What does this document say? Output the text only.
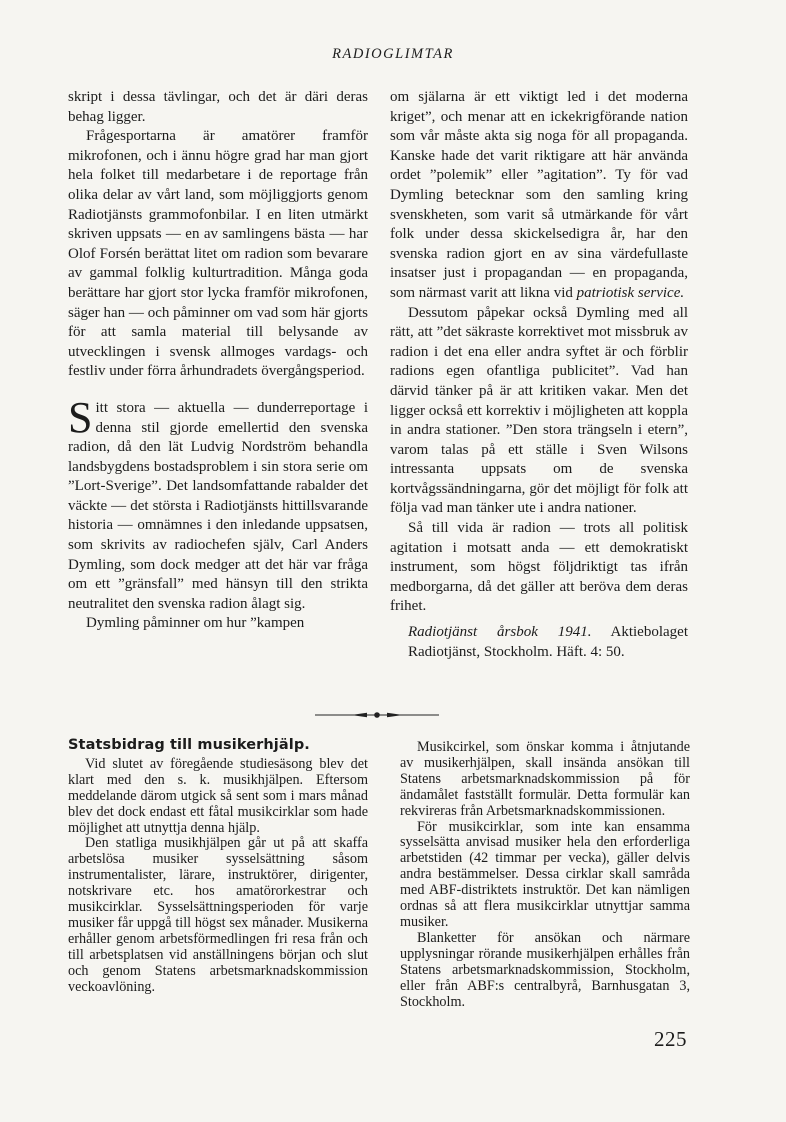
RADIOGLIMTAR

skript i dessa tävlingar, och det är däri deras behag ligger.

Frågesportarna är amatörer framför mikrofonen, och i ännu högre grad har man gjort hela folket till medarbetare i de reportage från olika delar av vårt land, som möjliggjorts genom Radiotjänsts grammofonbilar. I en liten utmärkt skriven uppsats — en av samlingens bästa — har Olof Forsén berättat litet om radion som bevarare av gammal folklig kulturtradition. Många goda berättare har gjort stor lycka framför mikrofonen, säger han — och påminner om vad som här gjorts för att samla material till belysande av utvecklingen i svensk allmoges vardags- och festliv under förra århundradets övergångsperiod.

Sitt stora — aktuella — dunderreportage i denna stil gjorde emellertid den svenska radion, då den lät Ludvig Nordström behandla landsbygdens bostadsproblem i sin stora serie om ”Lort-Sverige”. Det landsomfattande rabalder det väckte — det största i Radiotjänsts hittillsvarande historia — omnämnes i den inledande uppsatsen, som skrivits av radiochefen själv, Carl Anders Dymling, som dock medger att det här var fråga om ett ”gränsfall” med hänsyn till den strikta neutralitet den svenska radion ålagt sig.

Dymling påminner om hur ”kampen

om själarna är ett viktigt led i det moderna kriget”, och menar att en ickekrigförande nation som vår måste akta sig noga för all propaganda. Kanske hade det varit riktigare att här använda ordet ”polemik” eller ”agitation”. Ty för vad Dymling betecknar som den samling kring svenskheten, som varit så utmärkande för vårt folk under dessa skickelsedigra år, har den svenska radion gjort en av sina värdefullaste insatser just i propagandan — en propaganda, som närmast varit att likna vid patriotisk service.

Dessutom påpekar också Dymling med all rätt, att ”det säkraste korrektivet mot missbruk av radion i det ena eller andra syftet är och förblir radions egen ofantliga publicitet”. Vad han därvid tänker på är att kritiken vakar. Men det ligger också ett korrektiv i möjligheten att koppla in andra stationer. ”Den stora trängseln i etern”, varom talas på ett ställe i Sven Wilsons intressanta uppsats om de svenska kortvågssändningarna, gör det möjligt för folk att följa vad man tänker ute i andra nationer.

Så till vida är radion — trots all politisk agitation i motsatt anda — ett demokratiskt instrument, som högst följdriktigt tas ifrån medborgarna, då det gäller att beröva dem deras frihet.

Radiotjänst årsbok 1941. Aktiebolaget Radiotjänst, Stockholm. Häft. 4: 50.

Statsbidrag till musikerhjälp.

Vid slutet av föregående studiesäsong blev det klart med den s. k. musikhjälpen. Eftersom meddelande därom utgick så sent som i mars månad blev det dock endast ett fåtal musikcirklar som hade möjlighet att utnyttja denna hjälp.

Den statliga musikhjälpen går ut på att skaffa arbetslösa musiker sysselsättning såsom instrumentalister, lärare, instruktörer, dirigenter, notskrivare etc. hos amatörorkestrar och musikcirklar. Sysselsättningsperioden för varje musiker får uppgå till högst sex månader. Musikerna erhåller genom arbetsförmedlingen fri resa från och till arbetsplatsen vid anställningens början och slut och genom Statens arbetsmarknadskommission veckoavlöning.

Musikcirkel, som önskar komma i åtnjutande av musikerhjälpen, skall insända ansökan till Statens arbetsmarknadskommission på för ändamålet fastställt formulär. Detta formulär kan rekvireras från Arbetsmarknadskommissionen.

För musikcirklar, som inte kan ensamma sysselsätta anvisad musiker hela den erforderliga arbetstiden (42 timmar per vecka), gäller delvis andra bestämmelser. Dessa cirklar skall samråda med ABF-distriktets instruktör. Det kan nämligen ordnas så att flera musikcirklar utnyttjar samma musiker.

Blanketter för ansökan och närmare upplysningar rörande musikerhjälpen erhålles från Statens arbetsmarknadskommission, Stockholm, eller från ABF:s centralbyrå, Barnhusgatan 3, Stockholm.

225
